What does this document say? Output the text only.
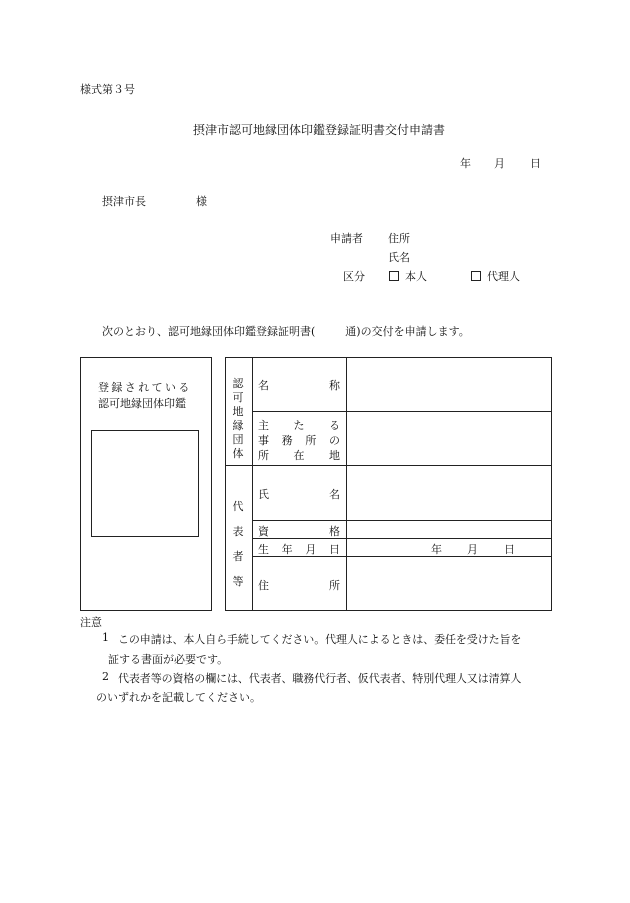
様式第３号
摂津市認可地縁団体印鑑登録証明書交付申請書
年 月 日
摂津市長	様
申請者 住所
氏名
区分	本人	代理人
次のとおり、認可地縁団体印鑑登録証明書(	通)の交付を申請します。
登録されている
認可地縁団体印鑑
認
可
地
縁
団
体
名	称
主 た る
事 務 所 の
所 在 地
代
表
者
等
氏	名
資	格
生 年 月 日	年 月 日
住	所
注意
1 この申請は、本人自ら手続してください。代理人によるときは、委任を受けた旨を
証する書面が必要です。
2 代表者等の資格の欄には、代表者、職務代行者、仮代表者、特別代理人又は清算人
のいずれかを記載してください。
